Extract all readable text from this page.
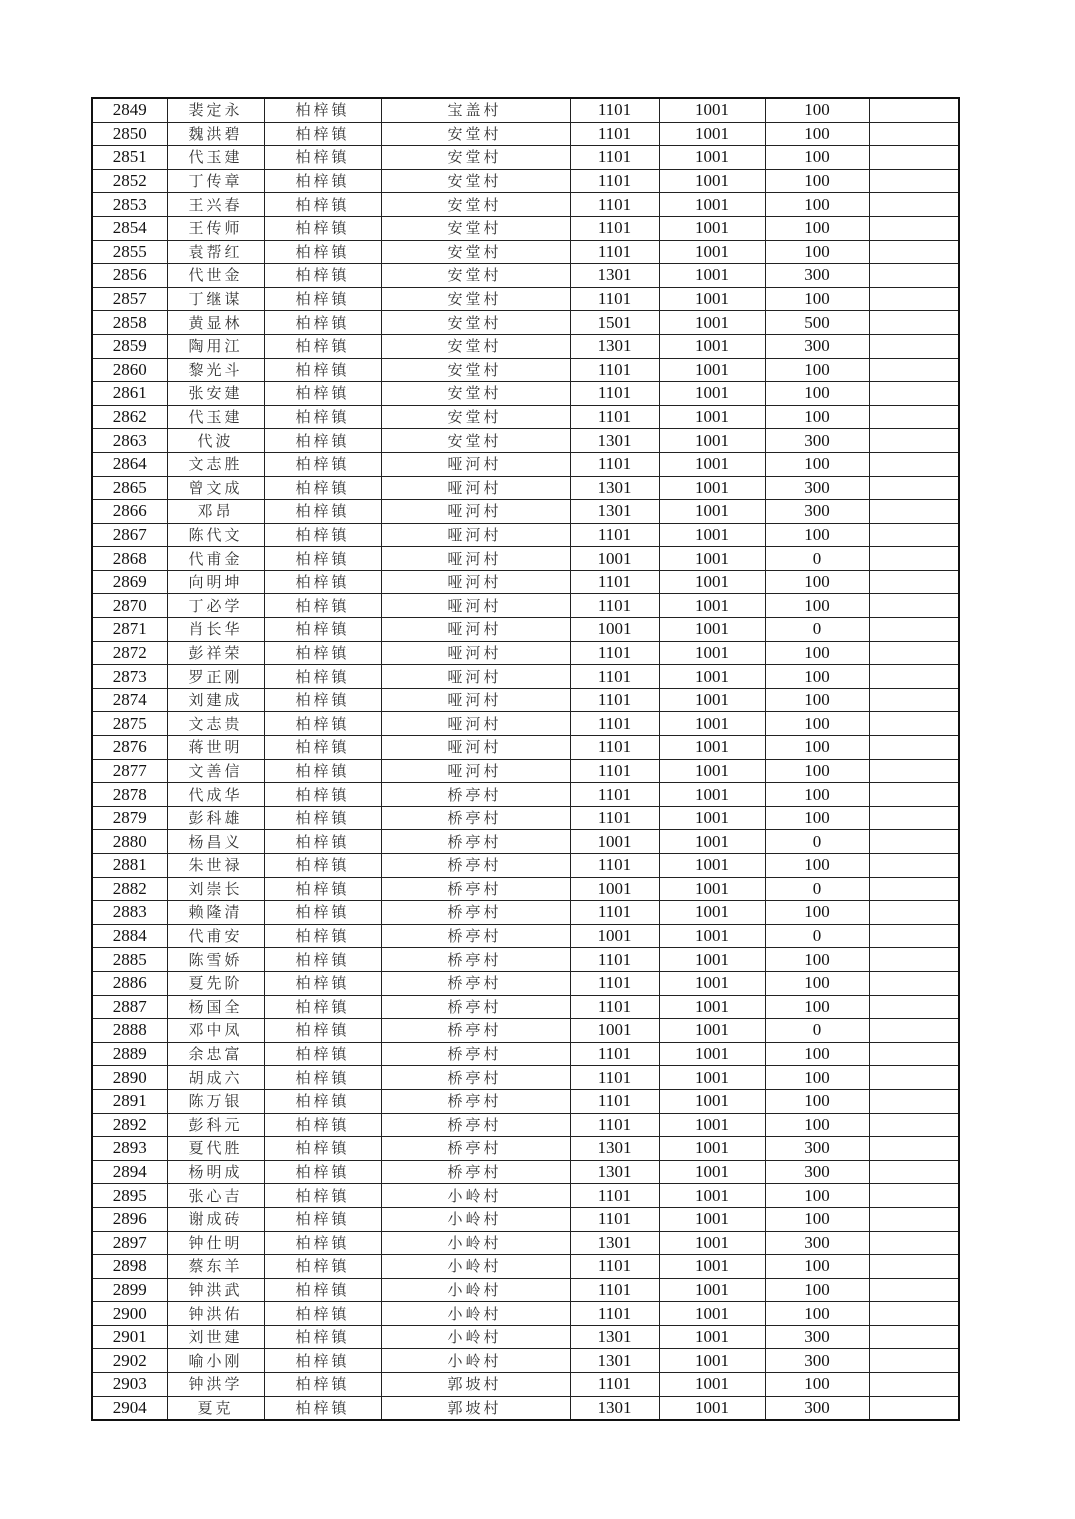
2849	裴定永	柏梓镇	宝盖村	1101	1001	100	
2850	魏洪碧	柏梓镇	安堂村	1101	1001	100	
2851	代玉建	柏梓镇	安堂村	1101	1001	100	
2852	丁传章	柏梓镇	安堂村	1101	1001	100	
2853	王兴春	柏梓镇	安堂村	1101	1001	100	
2854	王传师	柏梓镇	安堂村	1101	1001	100	
2855	袁帮红	柏梓镇	安堂村	1101	1001	100	
2856	代世金	柏梓镇	安堂村	1301	1001	300	
2857	丁继谋	柏梓镇	安堂村	1101	1001	100	
2858	黄显林	柏梓镇	安堂村	1501	1001	500	
2859	陶用江	柏梓镇	安堂村	1301	1001	300	
2860	黎光斗	柏梓镇	安堂村	1101	1001	100	
2861	张安建	柏梓镇	安堂村	1101	1001	100	
2862	代玉建	柏梓镇	安堂村	1101	1001	100	
2863	代波	柏梓镇	安堂村	1301	1001	300	
2864	文志胜	柏梓镇	哑河村	1101	1001	100	
2865	曾文成	柏梓镇	哑河村	1301	1001	300	
2866	邓昂	柏梓镇	哑河村	1301	1001	300	
2867	陈代文	柏梓镇	哑河村	1101	1001	100	
2868	代甫金	柏梓镇	哑河村	1001	1001	0	
2869	向明坤	柏梓镇	哑河村	1101	1001	100	
2870	丁必学	柏梓镇	哑河村	1101	1001	100	
2871	肖长华	柏梓镇	哑河村	1001	1001	0	
2872	彭祥荣	柏梓镇	哑河村	1101	1001	100	
2873	罗正刚	柏梓镇	哑河村	1101	1001	100	
2874	刘建成	柏梓镇	哑河村	1101	1001	100	
2875	文志贵	柏梓镇	哑河村	1101	1001	100	
2876	蒋世明	柏梓镇	哑河村	1101	1001	100	
2877	文善信	柏梓镇	哑河村	1101	1001	100	
2878	代成华	柏梓镇	桥亭村	1101	1001	100	
2879	彭科雄	柏梓镇	桥亭村	1101	1001	100	
2880	杨昌义	柏梓镇	桥亭村	1001	1001	0	
2881	朱世禄	柏梓镇	桥亭村	1101	1001	100	
2882	刘崇长	柏梓镇	桥亭村	1001	1001	0	
2883	赖隆清	柏梓镇	桥亭村	1101	1001	100	
2884	代甫安	柏梓镇	桥亭村	1001	1001	0	
2885	陈雪娇	柏梓镇	桥亭村	1101	1001	100	
2886	夏先阶	柏梓镇	桥亭村	1101	1001	100	
2887	杨国全	柏梓镇	桥亭村	1101	1001	100	
2888	邓中凤	柏梓镇	桥亭村	1001	1001	0	
2889	余忠富	柏梓镇	桥亭村	1101	1001	100	
2890	胡成六	柏梓镇	桥亭村	1101	1001	100	
2891	陈万银	柏梓镇	桥亭村	1101	1001	100	
2892	彭科元	柏梓镇	桥亭村	1101	1001	100	
2893	夏代胜	柏梓镇	桥亭村	1301	1001	300	
2894	杨明成	柏梓镇	桥亭村	1301	1001	300	
2895	张心吉	柏梓镇	小岭村	1101	1001	100	
2896	谢成砖	柏梓镇	小岭村	1101	1001	100	
2897	钟仕明	柏梓镇	小岭村	1301	1001	300	
2898	蔡东羊	柏梓镇	小岭村	1101	1001	100	
2899	钟洪武	柏梓镇	小岭村	1101	1001	100	
2900	钟洪佑	柏梓镇	小岭村	1101	1001	100	
2901	刘世建	柏梓镇	小岭村	1301	1001	300	
2902	喻小刚	柏梓镇	小岭村	1301	1001	300	
2903	钟洪学	柏梓镇	郭坡村	1101	1001	100	
2904	夏克	柏梓镇	郭坡村	1301	1001	300	
